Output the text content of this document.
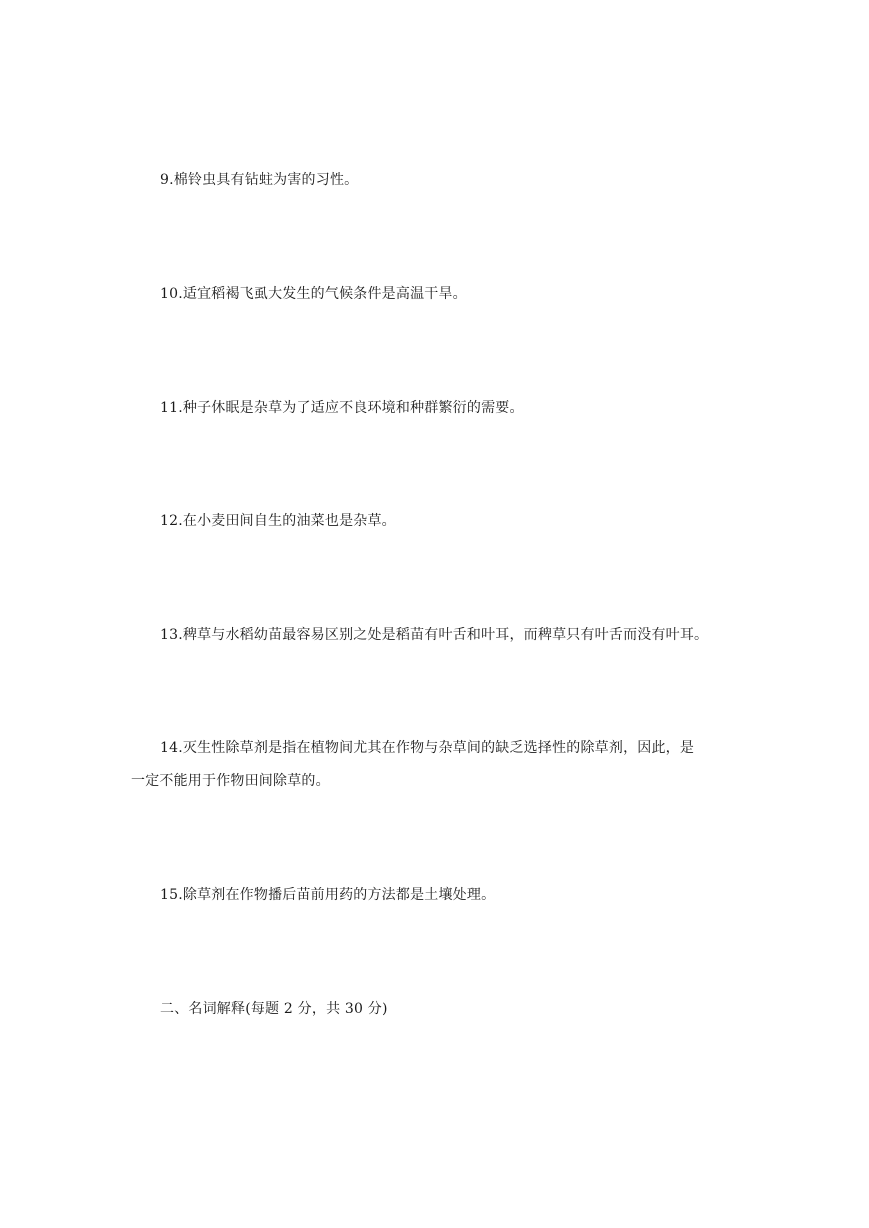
9.棉铃虫具有钻蛀为害的习性。

10.适宜稻褐飞虱大发生的气候条件是高温干旱。

11.种子休眠是杂草为了适应不良环境和种群繁衍的需要。

12.在小麦田间自生的油菜也是杂草。

13.稗草与水稻幼苗最容易区别之处是稻苗有叶舌和叶耳，而稗草只有叶舌而没有叶耳。

14.灭生性除草剂是指在植物间尤其在作物与杂草间的缺乏选择性的除草剂，因此，是

一定不能用于作物田间除草的。

15.除草剂在作物播后苗前用药的方法都是土壤处理。

二、名词解释(每题 2 分，共 30 分)
